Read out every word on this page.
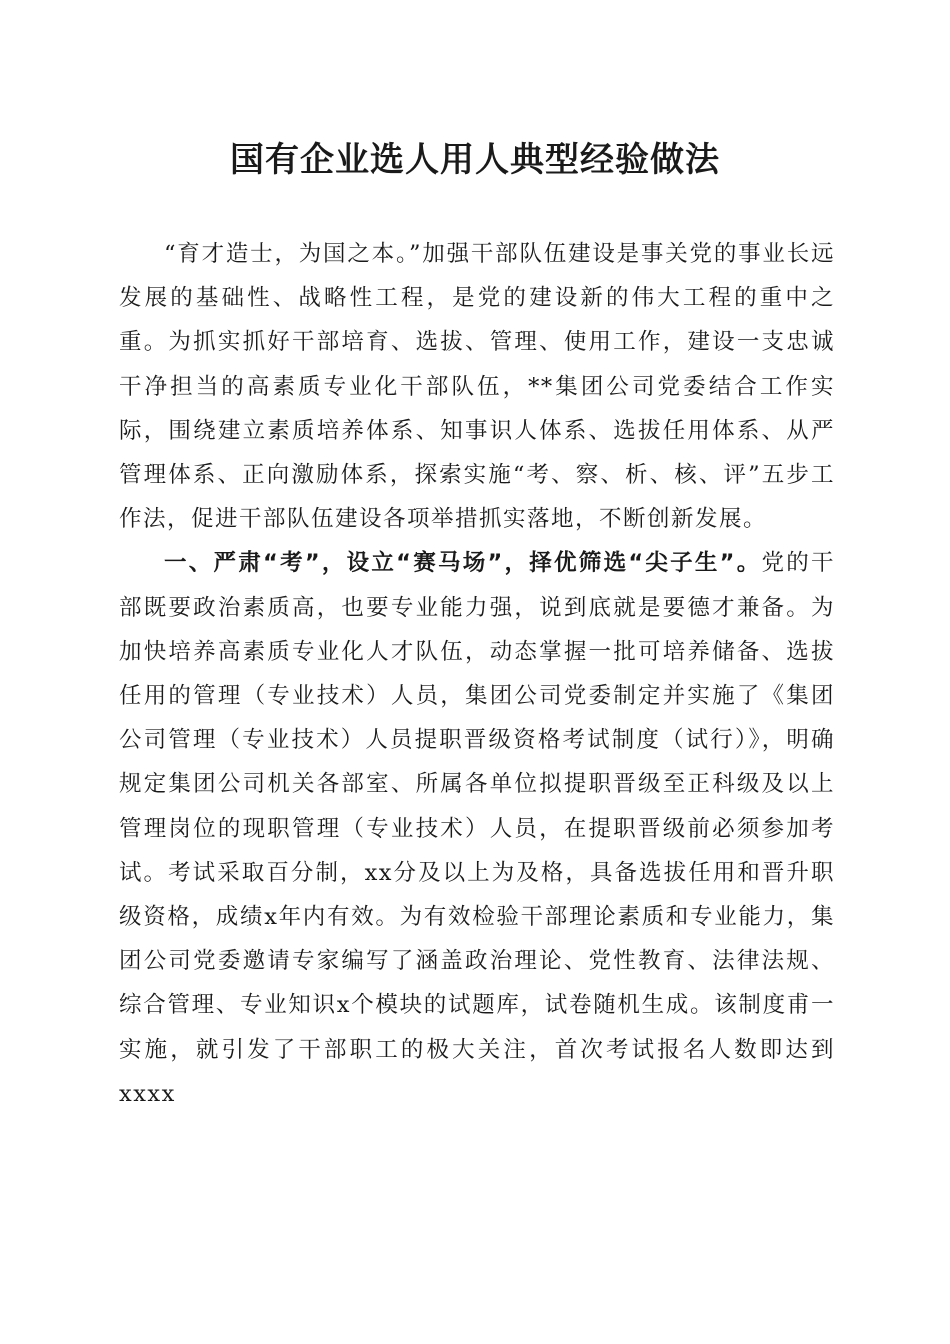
国有企业选人用人典型经验做法

“育才造士，为国之本。”加强干部队伍建设是事关党的事业长远发展的基础性、战略性工程，是党的建设新的伟大工程的重中之重。为抓实抓好干部培育、选拔、管理、使用工作，建设一支忠诚干净担当的高素质专业化干部队伍，**集团公司党委结合工作实际，围绕建立素质培养体系、知事识人体系、选拔任用体系、从严管理体系、正向激励体系，探索实施“考、察、析、核、评”五步工作法，促进干部队伍建设各项举措抓实落地，不断创新发展。

一、严肃“考”，设立“赛马场”，择优筛选“尖子生”。党的干部既要政治素质高，也要专业能力强，说到底就是要德才兼备。为加快培养高素质专业化人才队伍，动态掌握一批可培养储备、选拔任用的管理（专业技术）人员，集团公司党委制定并实施了《集团公司管理（专业技术）人员提职晋级资格考试制度（试行）》，明确规定集团公司机关各部室、所属各单位拟提职晋级至正科级及以上管理岗位的现职管理（专业技术）人员，在提职晋级前必须参加考试。考试采取百分制，xx分及以上为及格，具备选拔任用和晋升职级资格，成绩x年内有效。为有效检验干部理论素质和专业能力，集团公司党委邀请专家编写了涵盖政治理论、党性教育、法律法规、综合管理、专业知识x个模块的试题库，试卷随机生成。该制度甫一实施，就引发了干部职工的极大关注，首次考试报名人数即达到xxxx
